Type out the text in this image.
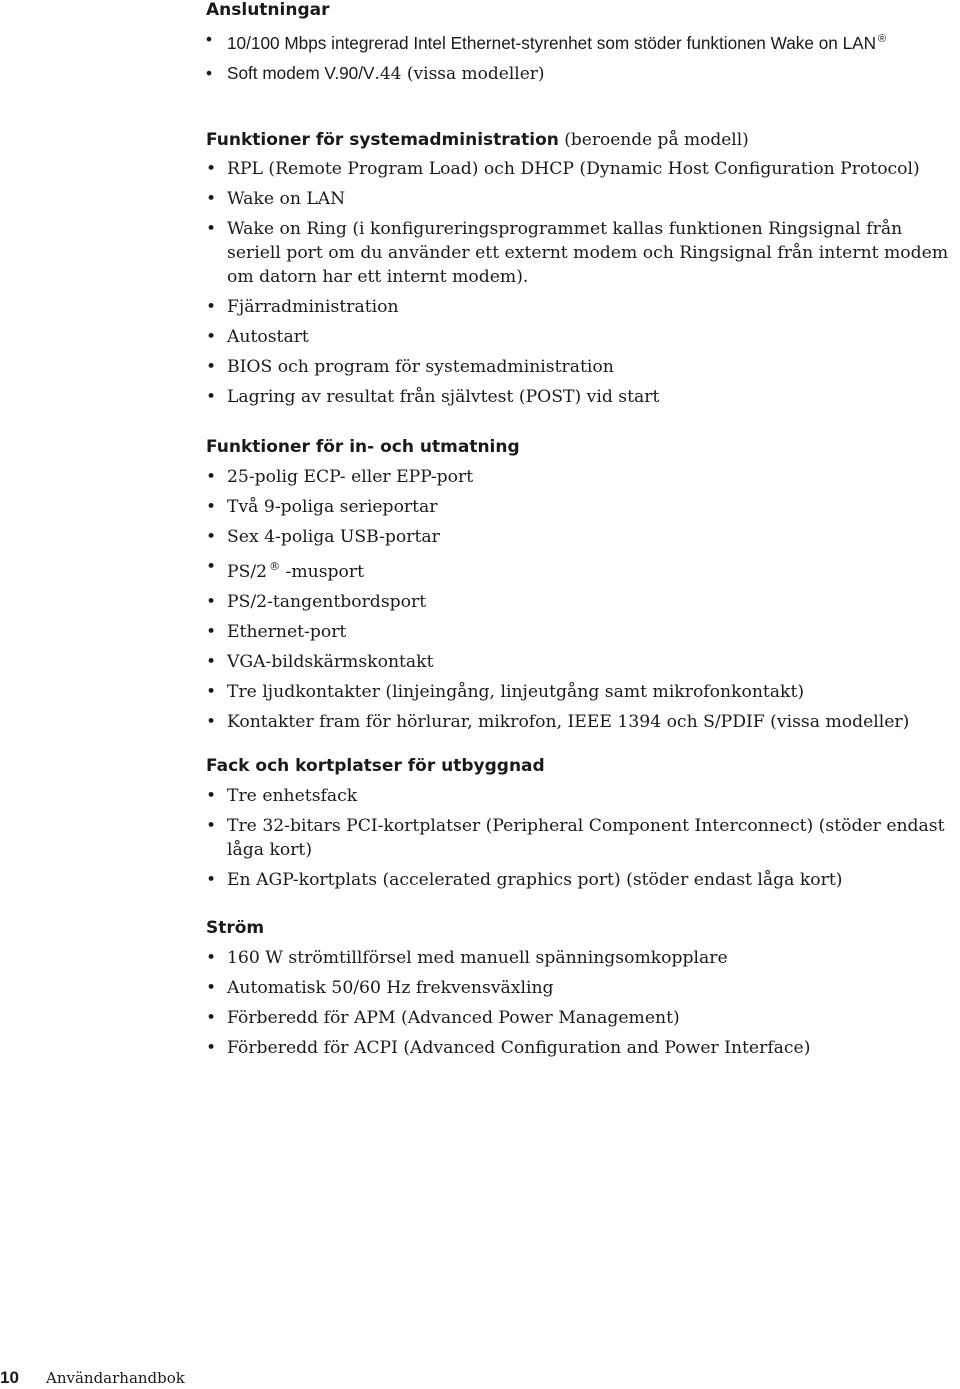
Anslutningar
• 10/100 Mbps integrerad Intel Ethernet-styrenhet som stöder funktionen Wake on LAN ®
• Soft modem V.90/V.44 (vissa modeller)
Funktioner för systemadministration (beroende på modell)
• RPL (Remote Program Load) och DHCP (Dynamic Host Configuration Protocol)
• Wake on LAN
• Wake on Ring (i konfigureringsprogrammet kallas funktionen Ringsignal från seriell port om du använder ett externt modem och Ringsignal från internt modem om datorn har ett internt modem).
• Fjärradministration
• Autostart
• BIOS och program för systemadministration
• Lagring av resultat från självtest (POST) vid start
Funktioner för in- och utmatning
• 25-polig ECP- eller EPP-port
• Två 9-poliga serieportar
• Sex 4-poliga USB-portar
• PS/2 ® -musport
• PS/2-tangentbordsport
• Ethernet-port
• VGA-bildskärmskontakt
• Tre ljudkontakter (linjeingång, linjeutgång samt mikrofonkontakt)
• Kontakter fram för hörlurar, mikrofon, IEEE 1394 och S/PDIF (vissa modeller)
Fack och kortplatser för utbyggnad
• Tre enhetsfack
• Tre 32-bitars PCI-kortplatser (Peripheral Component Interconnect) (stöder endast låga kort)
• En AGP-kortplats (accelerated graphics port) (stöder endast låga kort)
Ström
• 160 W strömtillförsel med manuell spänningsomkopplare
• Automatisk 50/60 Hz frekvensväxling
• Förberedd för APM (Advanced Power Management)
• Förberedd för ACPI (Advanced Configuration and Power Interface)
10 Användarhandbok
